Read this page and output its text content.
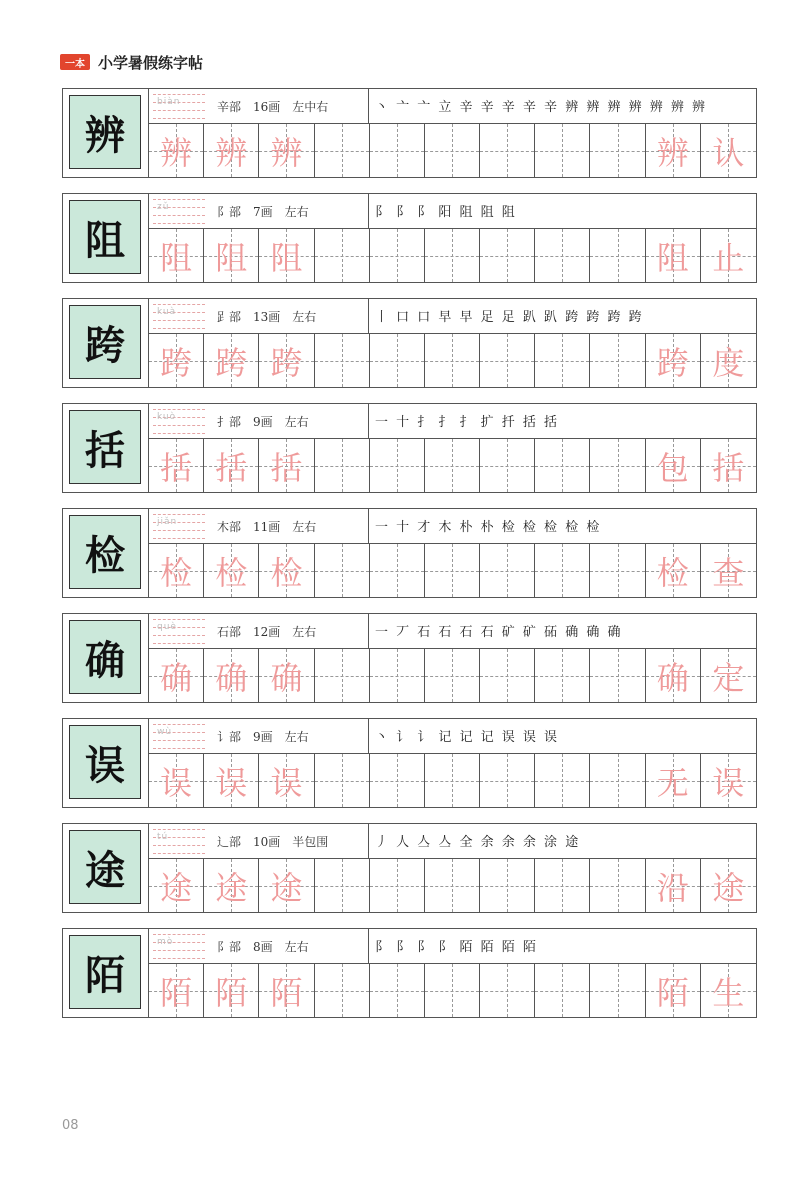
一本 小学暑假练字帖
辨
biàn	辛部 16画 左中右	丶 亠 亠 立 辛 辛 辛 辛 辛 辨 辨 辨 辨 辨 辨 辨
辨 辨 辨	辨 认
阻
zǔ	阝部 7画 左右	阝 阝 阝 阳 阻 阻 阻
阻 阻 阻	阻 止
跨
kuà	𧾷部 13画 左右	丨 口 口 早 早 足 足 趴 趴 跨 跨 跨 跨
跨 跨 跨	跨 度
括
kuò	扌部 9画 左右	一 十 扌 扌 扌 扩 扦 括 括
括 括 括	包 括
检
jiǎn	木部 11画 左右	一 十 才 木 朴 朴 检 检 检 检 检
检 检 检	检 查
确
què	石部 12画 左右	一 丆 石 石 石 石 矿 矿 砳 确 确 确
确 确 确	确 定
误
wù	讠部 9画 左右	丶 讠 讠 记 记 记 误 误 误
误 误 误	无 误
途
tú	辶部 10画 半包围	丿 人 亼 亼 全 余 余 余 涂 途
途 途 途	沿 途
陌
mò	阝部 8画 左右	阝 阝 阝 阝 陌 陌 陌 陌
陌 陌 陌	陌 生
08
